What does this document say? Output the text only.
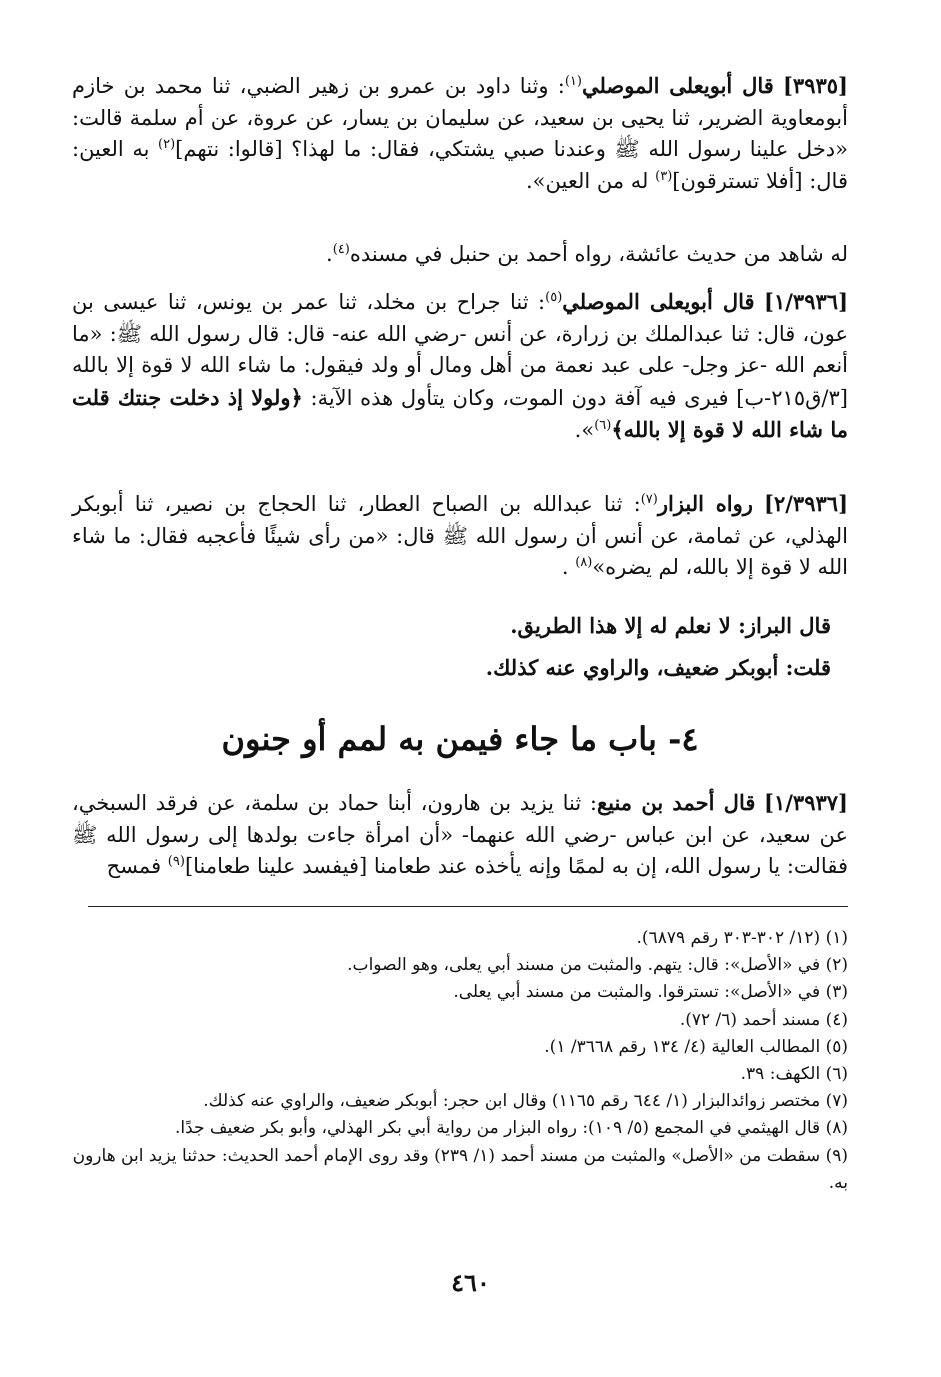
[٣٩٣٥] قال أبويعلى الموصلي$^{(١)}$: وثنا داود بن عمرو بن زهير الضبي، ثنا محمد بن خازم أبومعاوية الضرير، ثنا يحيى بن سعيد، عن سليمان بن يسار، عن عروة، عن أم سلمة قالت: «دخل علينا رسول الله ﷺ وعندنا صبي يشتكي، فقال: ما لهذا؟ [قالوا: نتهم]$^{(٢)}$ به العين: قال: [أفلا تسترقون]$^{(٣)}$ له من العين».

له شاهد من حديث عائشة، رواه أحمد بن حنبل في مسنده$^{(٤)}$.

[١/٣٩٣٦] قال أبويعلى الموصلي$^{(٥)}$: ثنا جراح بن مخلد، ثنا عمر بن يونس، ثنا عيسى بن عون، قال: ثنا عبدالملك بن زرارة، عن أنس -رضي الله عنه- قال: قال رسول الله ﷺ: «ما أنعم الله -عز وجل- على عبد نعمة من أهل ومال أو ولد فيقول: ما شاء الله لا قوة إلا بالله [٣/ق٢١٥-ب] فيرى فيه آفة دون الموت، وكان يتأول هذه الآية: ﴿ولولا إذ دخلت جنتك قلت ما شاء الله لا قوة إلا بالله﴾$^{(٦)}$».

[٢/٣٩٣٦] رواه البزار$^{(٧)}$: ثنا عبدالله بن الصباح العطار، ثنا الحجاج بن نصير، ثنا أبوبكر الهذلي، عن ثمامة، عن أنس أن رسول الله ﷺ قال: «من رأى شيئًا فأعجبه فقال: ما شاء الله لا قوة إلا بالله، لم يضره»$^{(٨)}$ .

قال البراز: لا نعلم له إلا هذا الطريق.

قلت: أبوبكر ضعيف، والراوي عنه كذلك.

٤- باب ما جاء فيمن به لمم أو جنون

[١/٣٩٣٧] قال أحمد بن منيع: ثنا يزيد بن هارون، أبنا حماد بن سلمة، عن فرقد السبخي، عن سعيد، عن ابن عباس -رضي الله عنهما- «أن امرأة جاءت بولدها إلى رسول الله ﷺ فقالت: يا رسول الله، إن به لممًا وإنه يأخذه عند طعامنا [فيفسد علينا طعامنا]$^{(٩)}$ فمسح

(١) (١٢/ ٣٠٢-٣٠٣ رقم ٦٨٧٩).

(٢) في «الأصل»: قال: يتهم. والمثبت من مسند أبي يعلى، وهو الصواب.

(٣) في «الأصل»: تسترقوا. والمثبت من مسند أبي يعلى.

(٤) مسند أحمد (٦/ ٧٢).

(٥) المطالب العالية (٤/ ١٣٤ رقم ٣٦٦٨/ ١).

(٦) الكهف: ٣٩.

(٧) مختصر زوائدالبزار (١/ ٦٤٤ رقم ١١٦٥) وقال ابن حجر: أبوبكر ضعيف، والراوي عنه كذلك.

(٨) قال الهيثمي في المجمع (٥/ ١٠٩): رواه البزار من رواية أبي بكر الهذلي، وأبو بكر ضعيف جدًا.

(٩) سقطت من «الأصل» والمثبت من مسند أحمد (١/ ٢٣٩) وقد روى الإمام أحمد الحديث: حدثنا يزيد ابن هارون به.

٤٦٠
